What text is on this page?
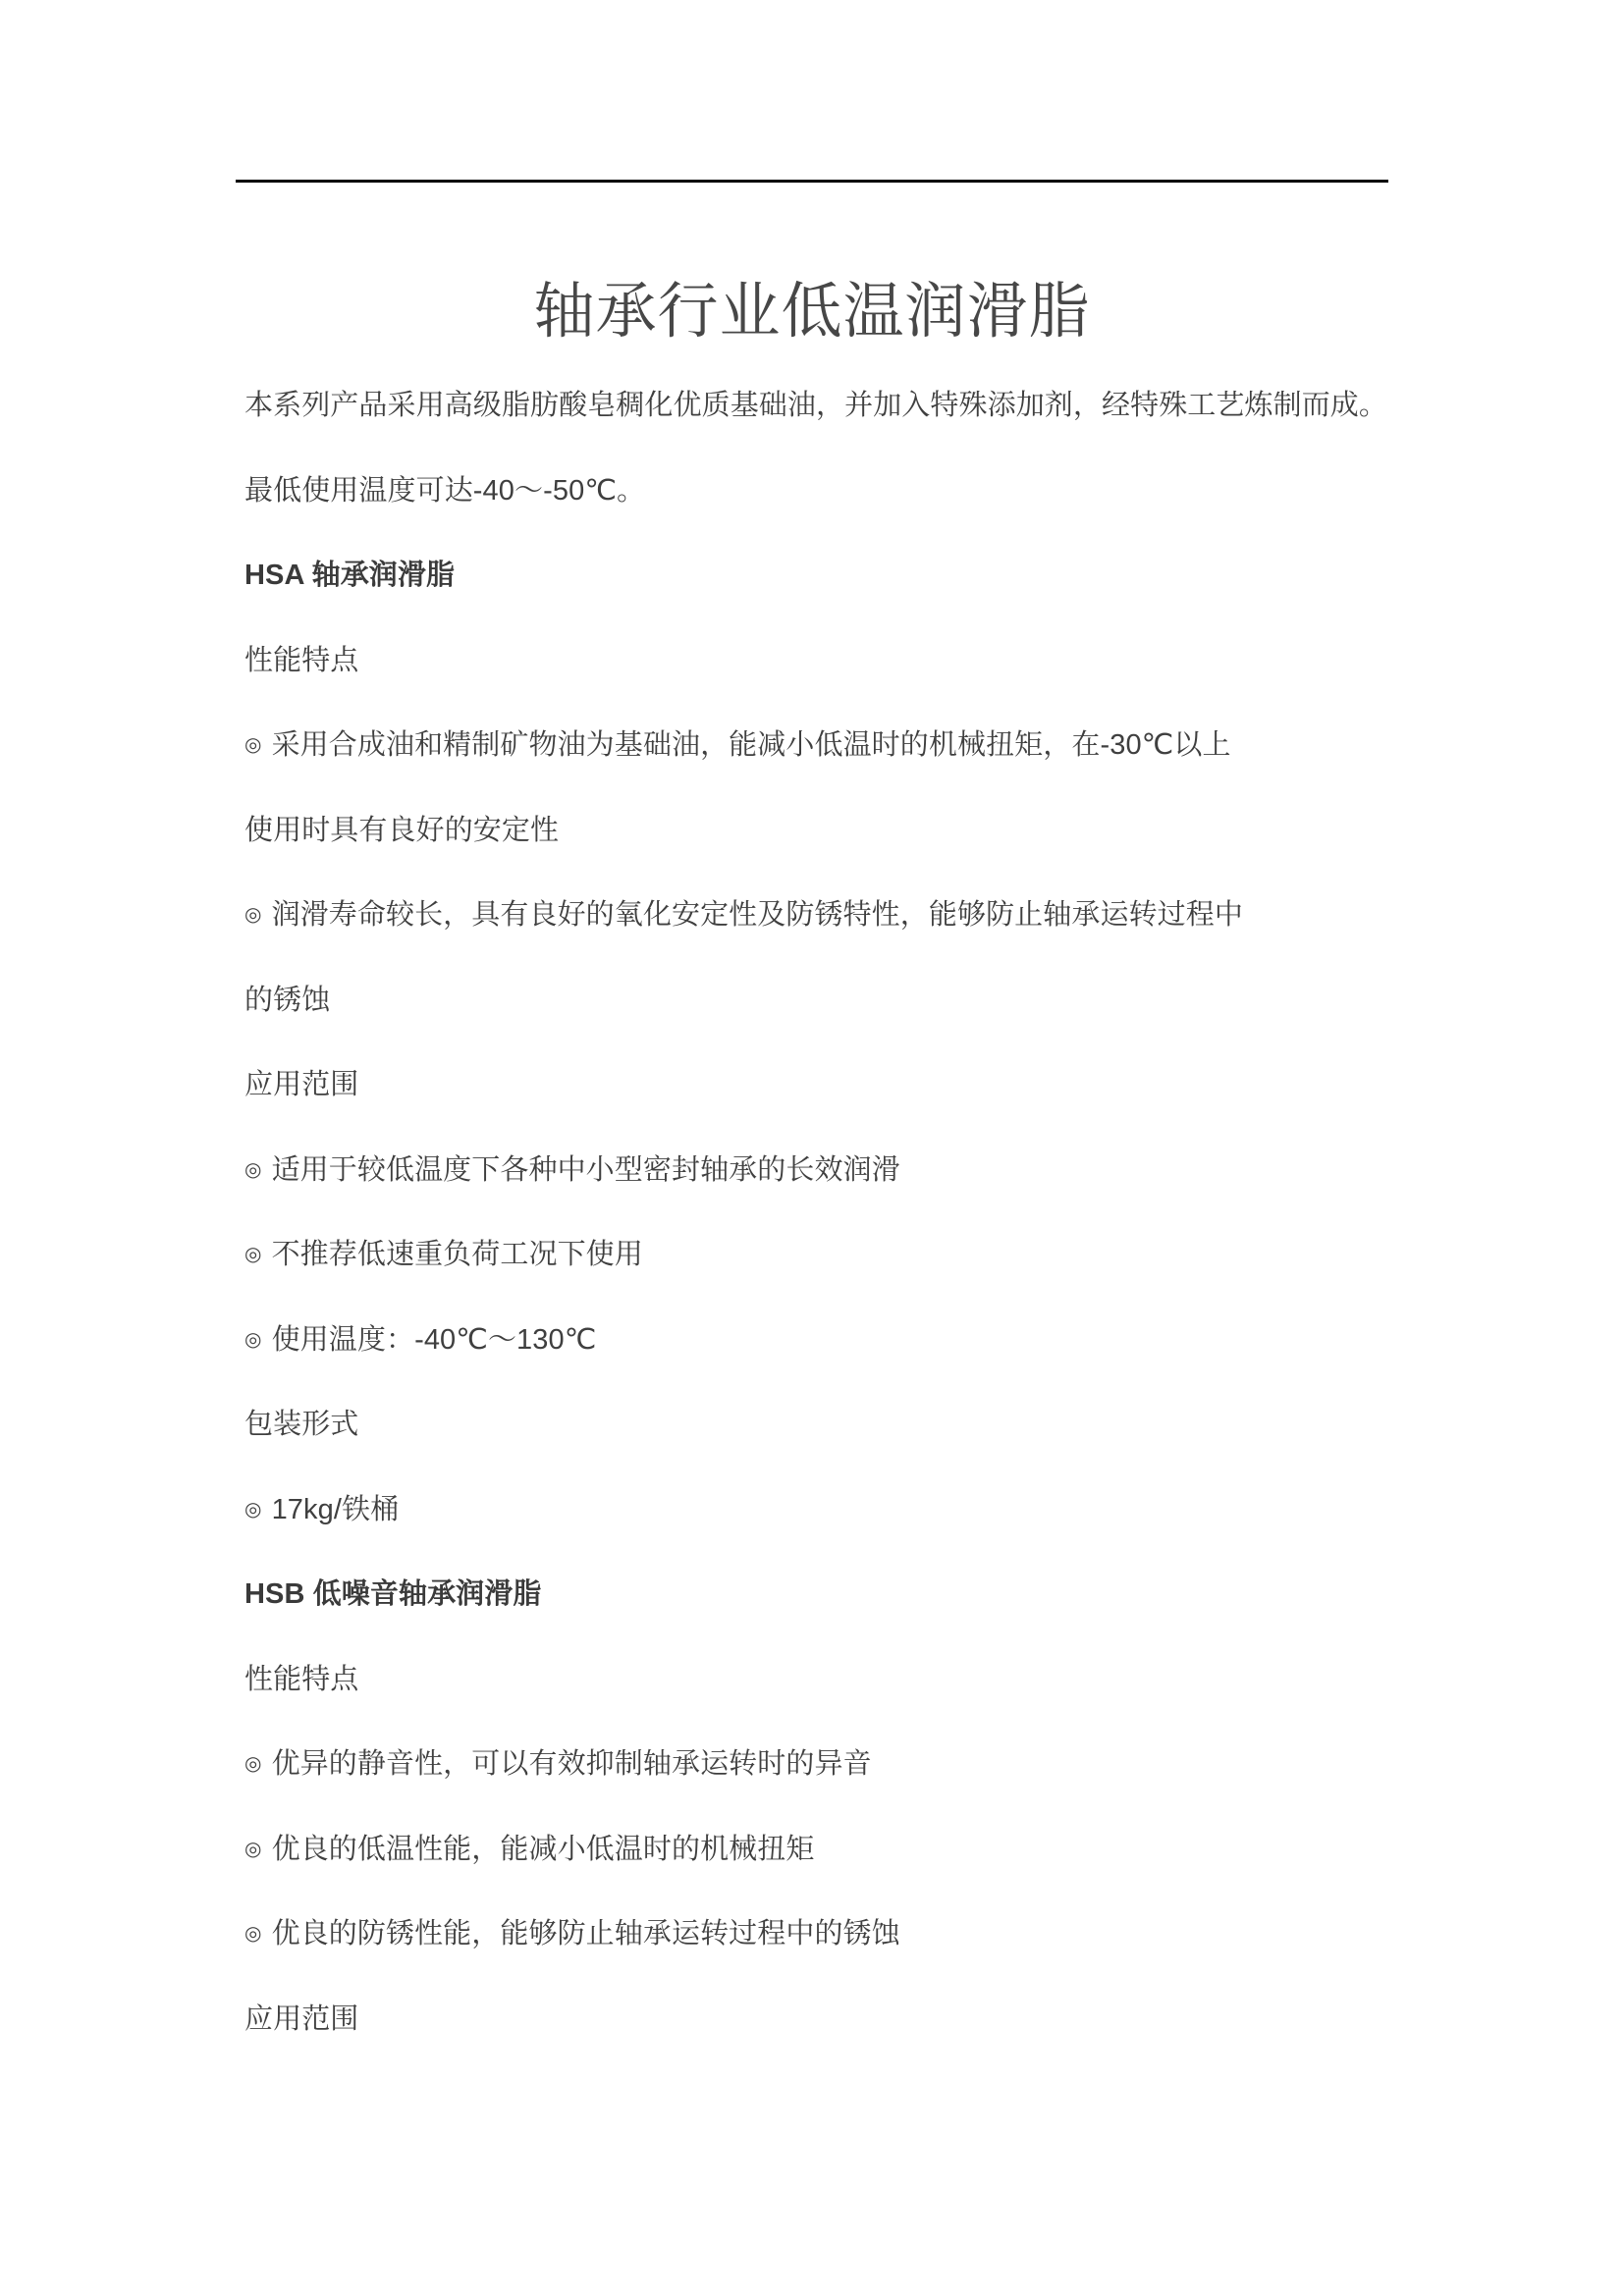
轴承行业低温润滑脂

本系列产品采用高级脂肪酸皂稠化优质基础油，并加入特殊添加剂，经特殊工艺炼制而成。

最低使用温度可达-40～-50℃。

HSA 轴承润滑脂

性能特点

◎ 采用合成油和精制矿物油为基础油，能减小低温时的机械扭矩，在-30℃以上

使用时具有良好的安定性

◎ 润滑寿命较长，具有良好的氧化安定性及防锈特性，能够防止轴承运转过程中

的锈蚀

应用范围

◎ 适用于较低温度下各种中小型密封轴承的长效润滑

◎ 不推荐低速重负荷工况下使用

◎ 使用温度：-40℃～130℃

包装形式

◎ 17kg/铁桶

HSB 低噪音轴承润滑脂

性能特点

◎ 优异的静音性，可以有效抑制轴承运转时的异音

◎ 优良的低温性能，能减小低温时的机械扭矩

◎ 优良的防锈性能，能够防止轴承运转过程中的锈蚀

应用范围
